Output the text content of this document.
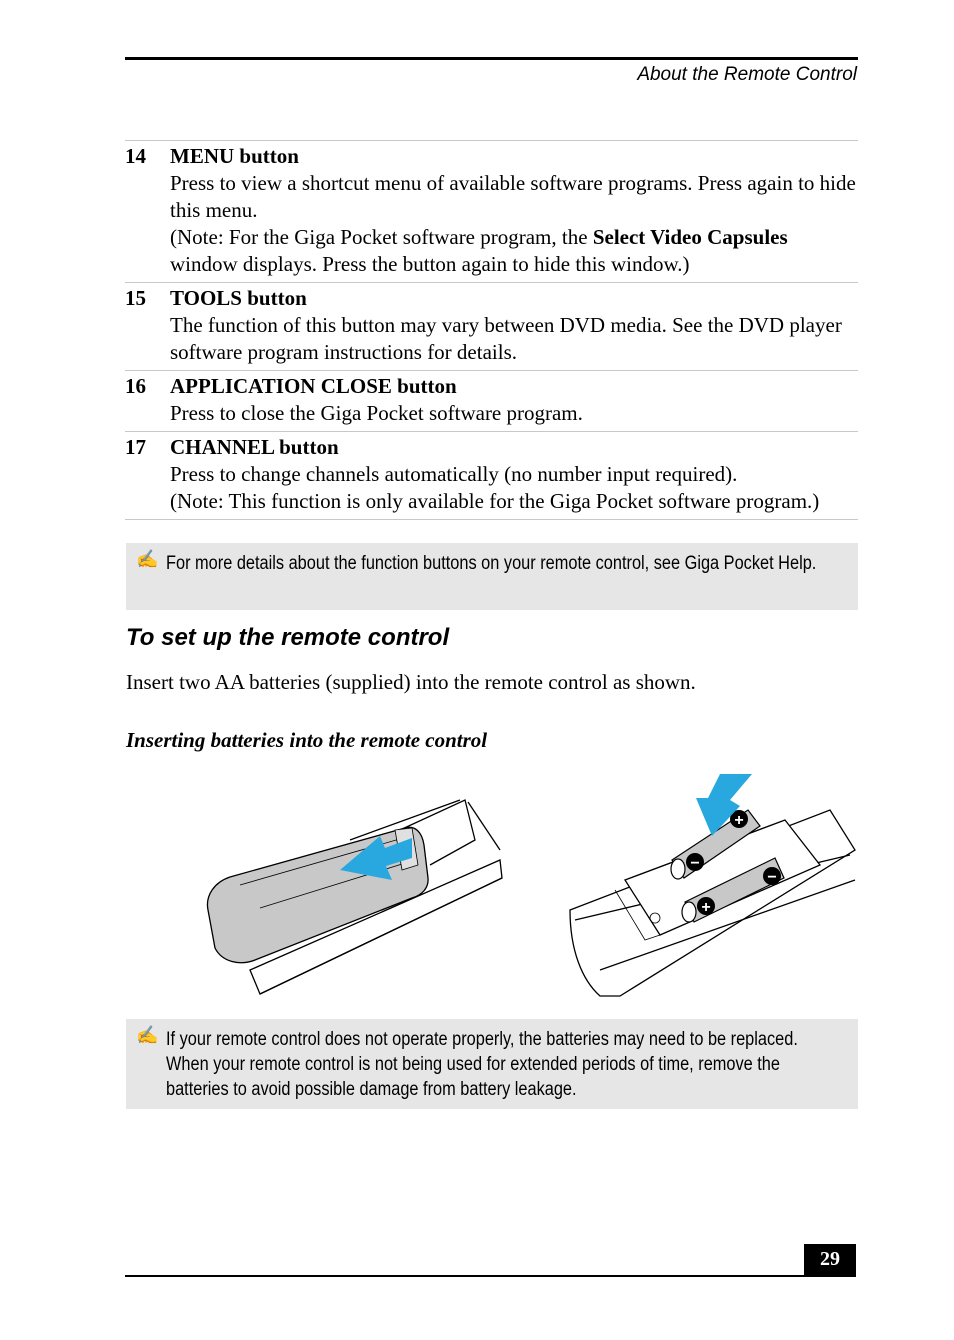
About the Remote Control
14	MENU button
Press to view a shortcut menu of available software programs. Press again to hide this menu.
(Note: For the Giga Pocket software program, the Select Video Capsules window displays. Press the button again to hide this window.)
15	TOOLS button
The function of this button may vary between DVD media. See the DVD player software program instructions for details.
16	APPLICATION CLOSE button
Press to close the Giga Pocket software program.
17	CHANNEL button
Press to change channels automatically (no number input required).
(Note: This function is only available for the Giga Pocket software program.)
✍ For more details about the function buttons on your remote control, see Giga Pocket Help.
To set up the remote control
Insert two AA batteries (supplied) into the remote control as shown.
Inserting batteries into the remote control
+
−
−
+
✍ If your remote control does not operate properly, the batteries may need to be replaced. When your remote control is not being used for extended periods of time, remove the batteries to avoid possible damage from battery leakage.
29
